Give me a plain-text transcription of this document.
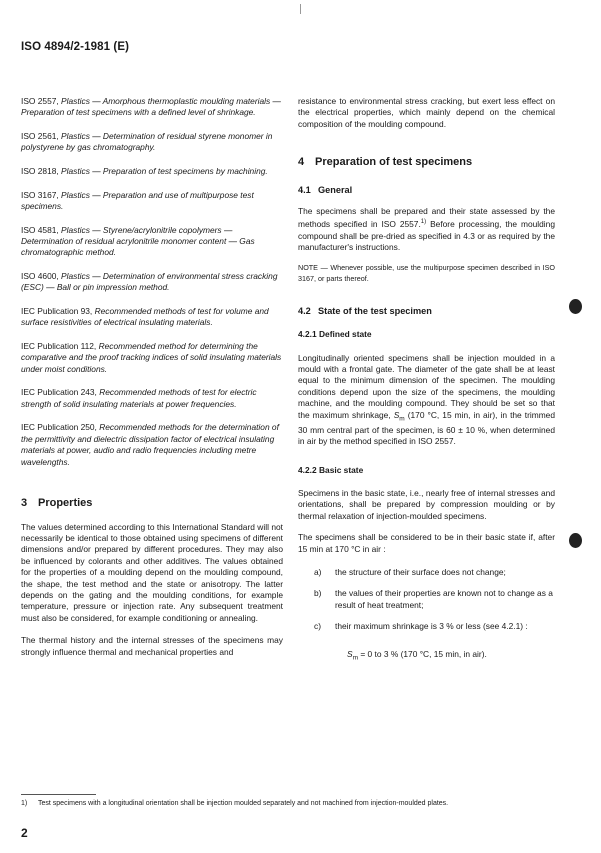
ISO 4894/2-1981 (E)

ISO 2557, Plastics — Amorphous thermoplastic moulding materials — Preparation of test specimens with a defined level of shrinkage.

ISO 2561, Plastics — Determination of residual styrene monomer in polystyrene by gas chromatography.

ISO 2818, Plastics — Preparation of test specimens by machining.

ISO 3167, Plastics — Preparation and use of multipurpose test specimens.

ISO 4581, Plastics — Styrene/acrylonitrile copolymers — Determination of residual acrylonitrile monomer content — Gas chromatographic method.

ISO 4600, Plastics — Determination of environmental stress cracking (ESC) — Ball or pin impression method.

IEC Publication 93, Recommended methods of test for volume and surface resistivities of electrical insulating materials.

IEC Publication 112, Recommended method for determining the comparative and the proof tracking indices of solid insulating materials under moist conditions.

IEC Publication 243, Recommended methods of test for electric strength of solid insulating materials at power frequencies.

IEC Publication 250, Recommended methods for the determination of the permittivity and dielectric dissipation factor of electrical insulating materials at power, audio and radio frequencies including metre wavelengths.

3 Properties

The values determined according to this International Standard will not necessarily be identical to those obtained using specimens of different dimensions and/or prepared by different procedures. They may also be influenced by colorants and other additives. The values obtained for the properties of a moulding depend on the moulding compound, the shape, the test method and the state or anisotropy. The latter depends on the gating and the moulding conditions, for example temperature, pressure or injection rate. Any subsequent treatment must also be considered, for example conditioning or annealing.

The thermal history and the internal stresses of the specimens may strongly influence thermal and mechanical properties and

resistance to environmental stress cracking, but exert less effect on the electrical properties, which mainly depend on the chemical composition of the moulding compound.

4 Preparation of test specimens
4.1 General

The specimens shall be prepared and their state assessed by the methods specified in ISO 2557.$^{1)}$ Before processing, the moulding compound shall be pre-dried as specified in 4.3 or as required by the manufacturer's instructions.

NOTE — Whenever possible, use the multipurpose specimen described in ISO 3167, or parts thereof.

4.2 State of the test specimen
4.2.1 Defined state

Longitudinally oriented specimens shall be injection moulded in a mould with a frontal gate. The diameter of the gate shall be at least equal to the minimum dimension of the specimen. The moulding conditions depend upon the size of the specimens, the moulding machine, and the moulding compound. They should be set so that the maximum shrinkage, $S_m$ (170 °C, 15 min, in air), in the trimmed 30 mm central part of the specimen, is 60 ± 10 %, when determined in air by the method specified in ISO 2557.

4.2.2 Basic state

Specimens in the basic state, i.e., nearly free of internal stresses and orientations, shall be prepared by compression moulding or by thermal relaxation of injection-moulded specimens.

The specimens shall be considered to be in their basic state if, after 15 min at 170 °C in air :

a)	the structure of their surface does not change;
b)	the values of their properties are known not to change as a result of heat treatment;
c)	their maximum shrinkage is 3 % or less (see 4.2.1) :

$S_m = 0$ to 3 % (170 °C, 15 min, in air).

1) Test specimens with a longitudinal orientation shall be injection moulded separately and not machined from injection-moulded plates.
2
